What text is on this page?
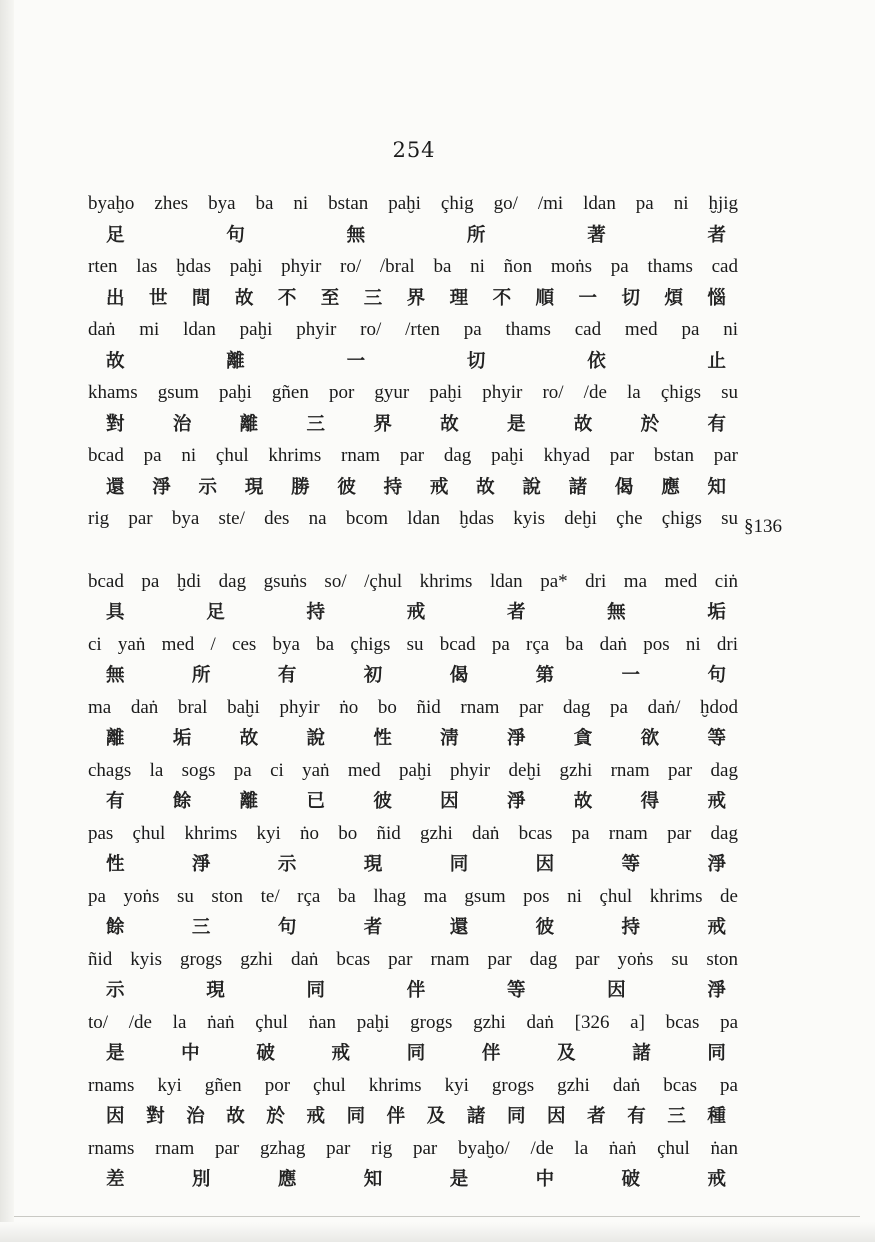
254
byaḫo zhes bya ba ni bstan paḫi çhig go/ /mi ldan pa ni ḫjig
足	句	無	所	著	者
rten las ḫdas paḫi phyir ro/ /bral ba ni ñon moṅs pa thams cad
出 世 間 故 不 至 三 界 理 不 順 一 切 煩 惱
daṅ mi ldan paḫi phyir ro/ /rten pa thams cad med pa ni
故	離	一	切	依	止
khams gsum paḫi gñen por gyur paḫi phyir ro/ /de la çhigs su
對	治	離	三	界	故	是	故	於	有
bcad pa ni çhul khrims rnam par dag paḫi khyad par bstan par
還 淨 示 現 勝 彼 持 戒 故 說 諸 偈 應 知
rig par bya ste/ des na bcom ldan ḫdas kyis deḫi çhe çhigs su
bcad pa ḫdi dag gsuṅs so/ /çhul khrims ldan pa* dri ma med ciṅ
具	足	持	戒	者	無	垢
ci yaṅ med / ces bya ba çhigs su bcad pa rça ba daṅ pos ni dri
無	所	有	初	偈	第	一	句
ma daṅ bral baḫi phyir ṅo bo ñid rnam par dag pa daṅ/ ḫdod
離	垢	故	說	性	淸	淨	貪	欲	等
chags la sogs pa ci yaṅ med paḫi phyir deḫi gzhi rnam par dag
有	餘	離	已	彼	因	淨	故	得	戒
pas çhul khrims kyi ṅo bo ñid gzhi daṅ bcas pa rnam par dag
性	淨	示	現	同	因	等	淨
pa yoṅs su ston te/ rça ba lhag ma gsum pos ni çhul khrims de
餘	三	句	者	還	彼	持	戒
ñid kyis grogs gzhi daṅ bcas par rnam par dag par yoṅs su ston
示	現	同	伴	等	因	淨
to/ /de la ṅaṅ çhul ṅan paḫi grogs gzhi daṅ [326 a] bcas pa
是	中	破	戒	同	伴	及	諸	同
rnams kyi gñen por çhul khrims kyi grogs gzhi daṅ bcas pa
因 對 治 故 於 戒 同 伴 及 諸 同 因 者 有 三 種
rnams rnam par gzhag par rig par byaḫo/ /de la ṅaṅ çhul ṅan
差	別	應	知	是	中	破	戒
§136
